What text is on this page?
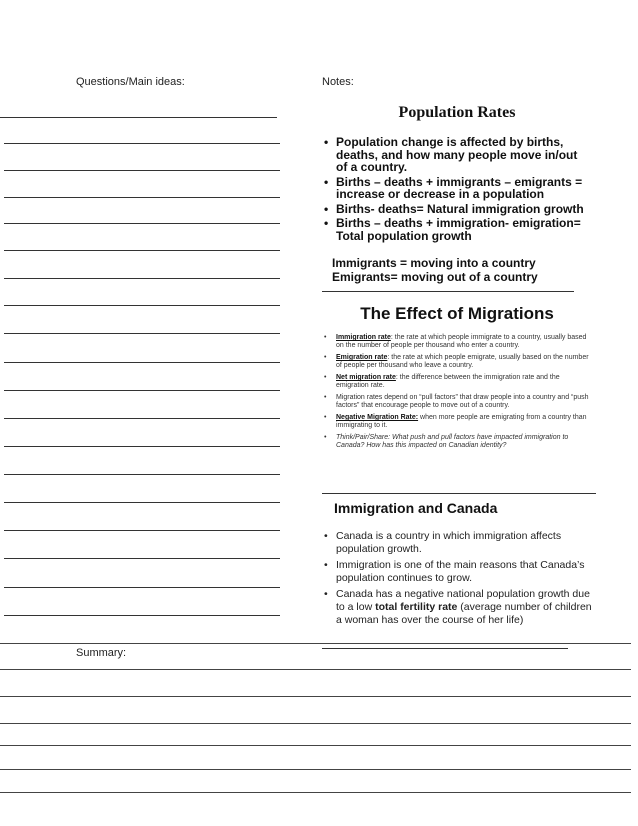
Questions/Main ideas:	Notes:
Population Rates
• Population change is affected by births, deaths, and how many people move in/out of a country.
• Births – deaths + immigrants – emigrants = increase or decrease in a population
• Births- deaths= Natural immigration growth
• Births – deaths + immigration- emigration= Total population growth
Immigrants = moving into a country
Emigrants= moving out of a country
The Effect of Migrations
• Immigration rate: the rate at which people immigrate to a country, usually based on the number of people per thousand who enter a country.
• Emigration rate: the rate at which people emigrate, usually based on the number of people per thousand who leave a country.
• Net migration rate: the difference between the immigration rate and the emigration rate.
• Migration rates depend on “pull factors” that draw people into a country and “push factors” that encourage people to move out of a country.
• Negative Migration Rate: when more people are emigrating from a country than immigrating to it.
• Think/Pair/Share: What push and pull factors have impacted immigration to Canada? How has this impacted on Canadian identity?
Immigration and Canada
• Canada is a country in which immigration affects population growth.
• Immigration is one of the main reasons that Canada’s population continues to grow.
• Canada has a negative national population growth due to a low total fertility rate (average number of children a woman has over the course of her life)
Summary:
